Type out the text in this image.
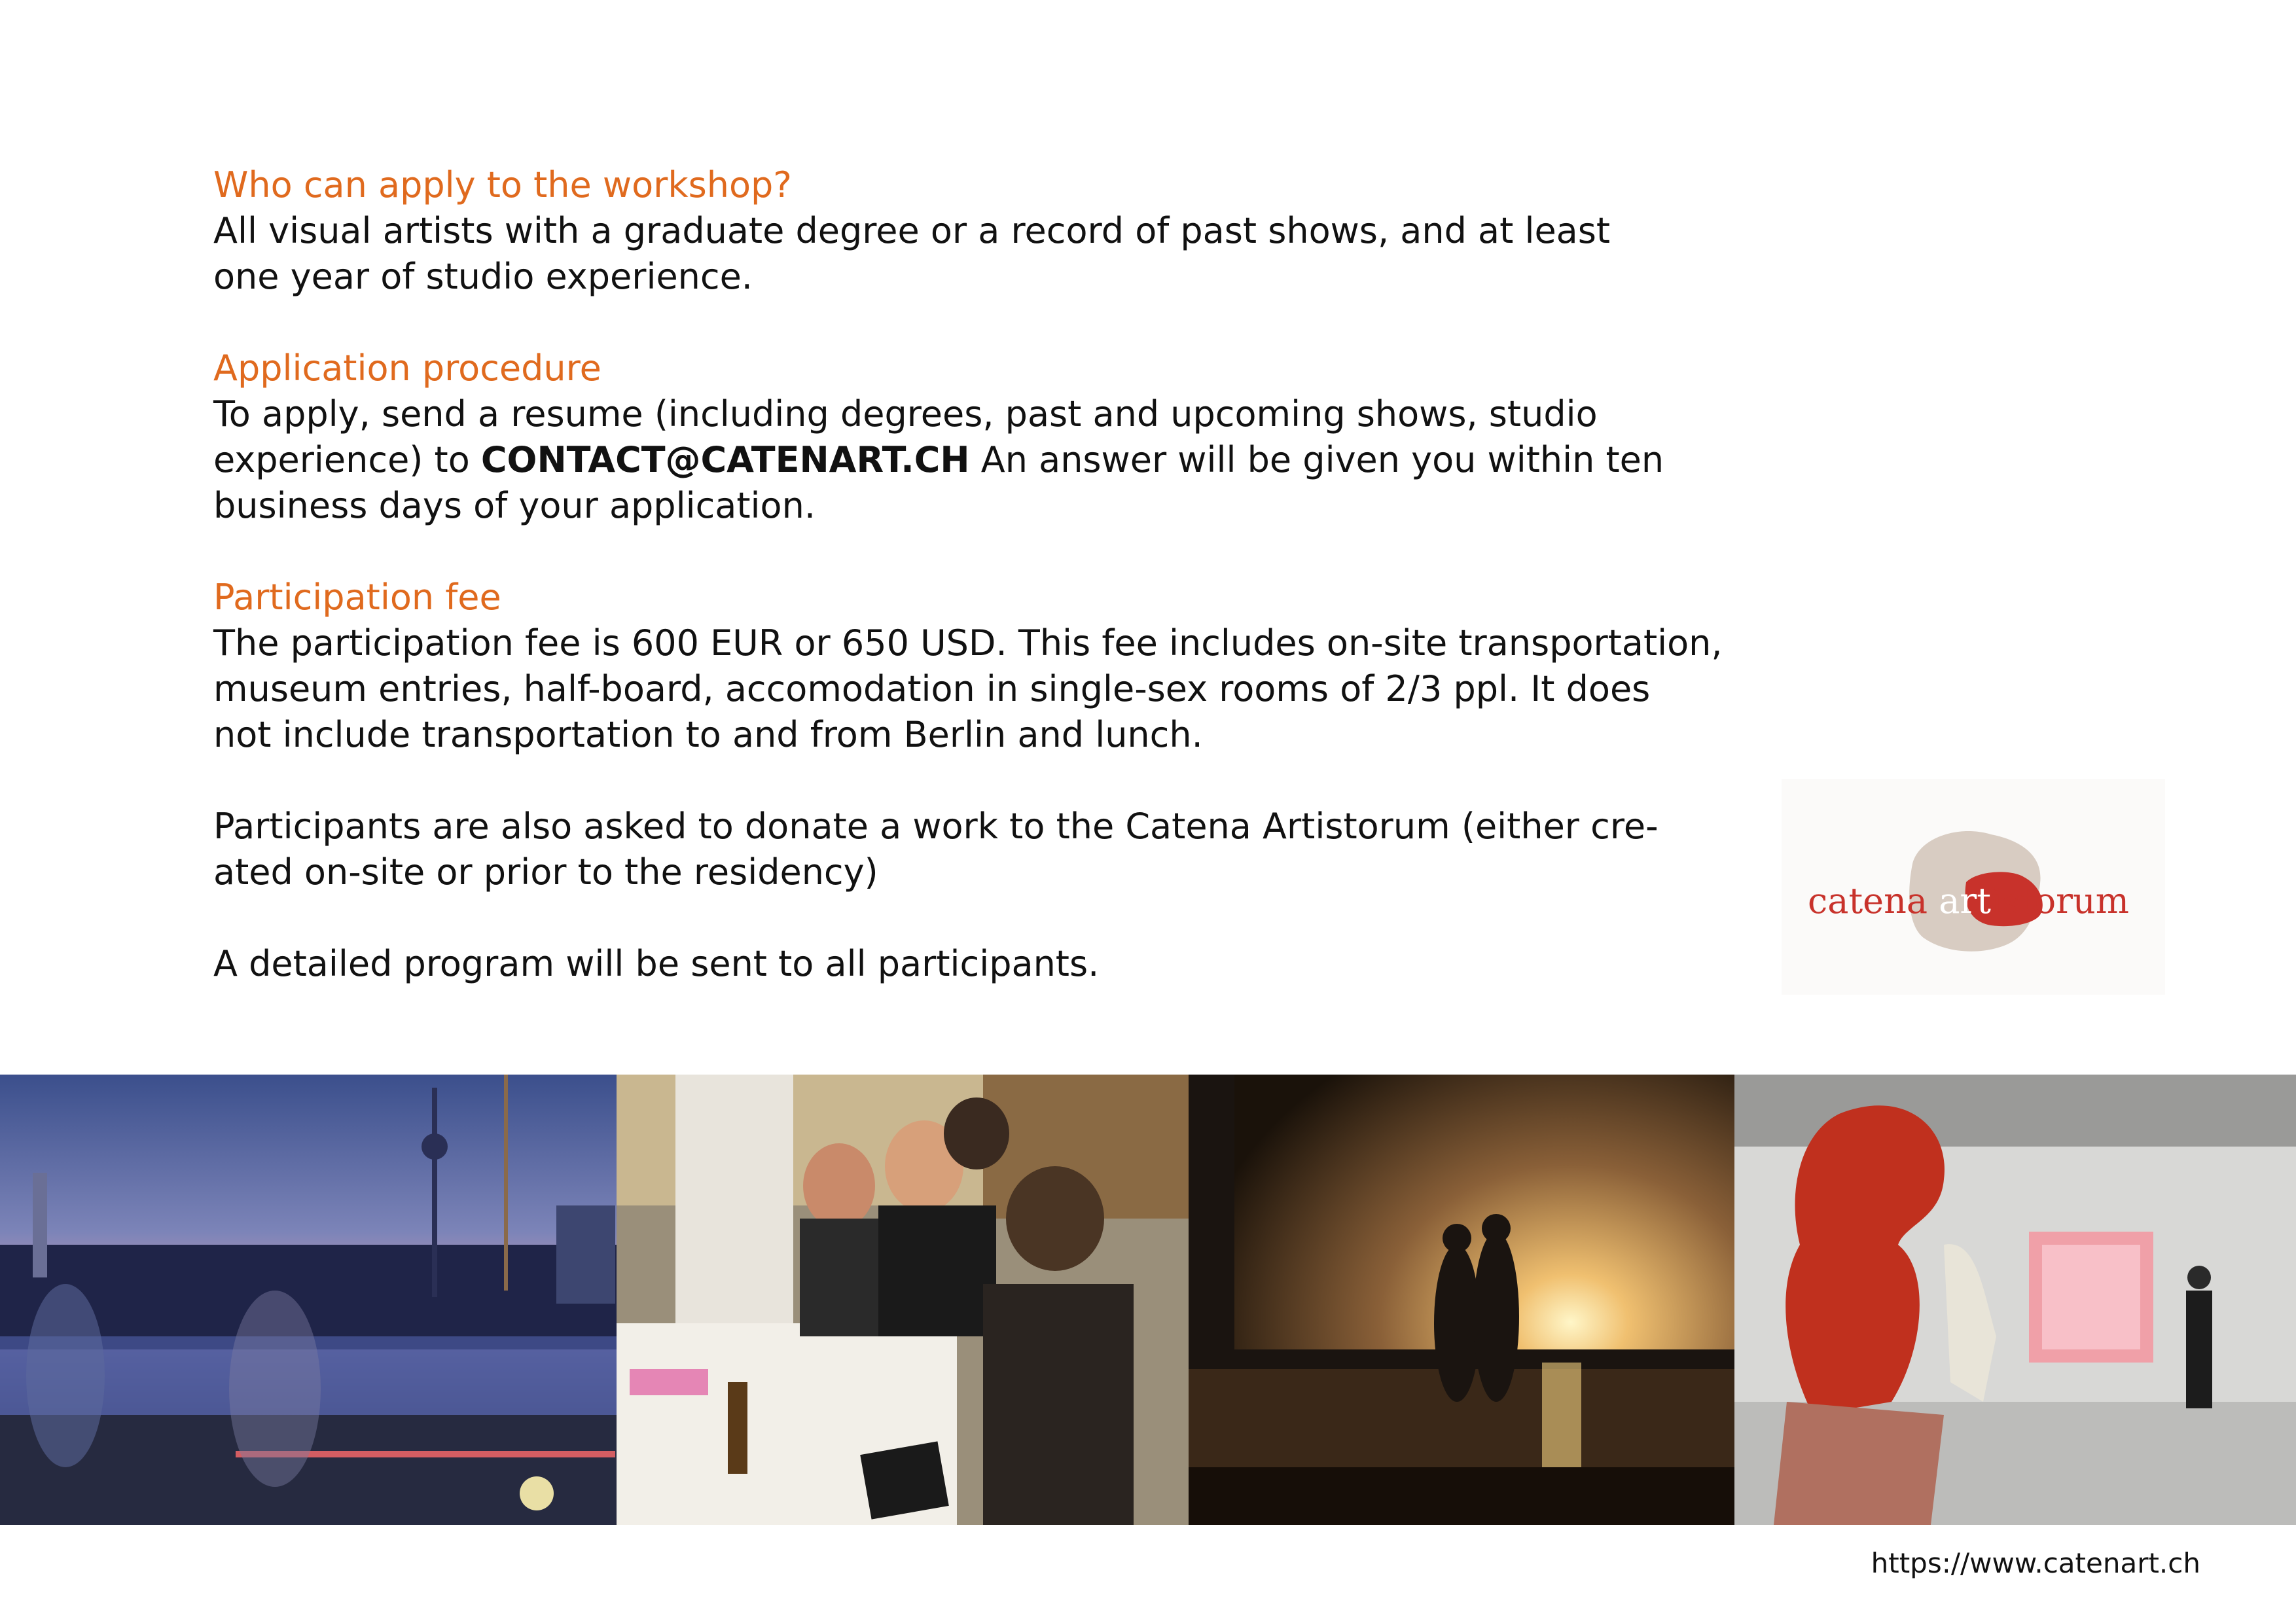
Who can apply to the workshop?

All visual artists with a graduate degree or a record of past shows, and at least

one year of studio experience.

Application procedure

To apply, send a resume (including degrees, past and upcoming shows, studio

experience) to CONTACT@CATENART.CH An answer will be given you within ten

business days of your application.

Participation fee

The participation fee is 600 EUR or 650 USD. This fee includes on-site transportation,

museum entries, half-board, accomodation in single-sex rooms of 2/3 ppl. It does

not include transportation to and from Berlin and lunch.

Participants are also asked to donate a work to the Catena Artistorum (either cre-

ated on-site or prior to the residency)

A detailed program will be sent to all participants.

catena artistorum
https://www.catenart.ch
